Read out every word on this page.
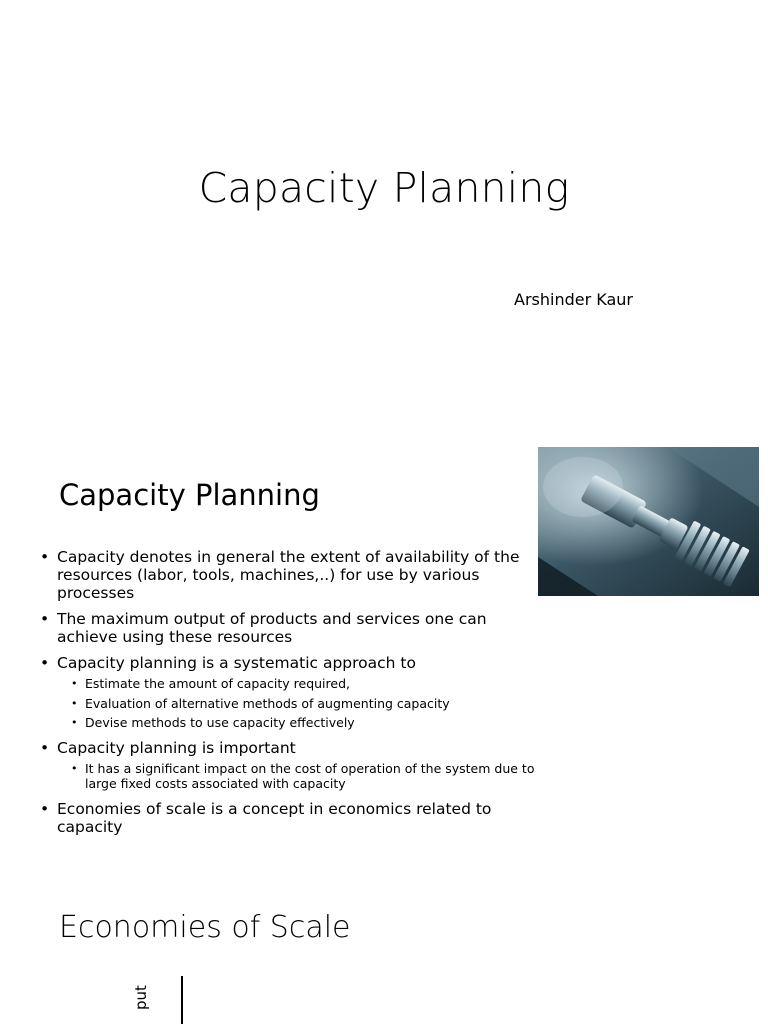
Capacity Planning
Arshinder Kaur
Capacity Planning
• Capacity denotes in general the extent of availability of the resources (labor, tools, machines,..) for use by various processes
• The maximum output of products and services one can achieve using these resources
• Capacity planning is a systematic approach to
• Estimate the amount of capacity required,
• Evaluation of alternative methods of augmenting capacity
• Devise methods to use capacity effectively
• Capacity planning is important
• It has a significant impact on the cost of operation of the system due to large fixed costs associated with capacity
• Economies of scale is a concept in economics related to capacity
Economies of Scale
put
